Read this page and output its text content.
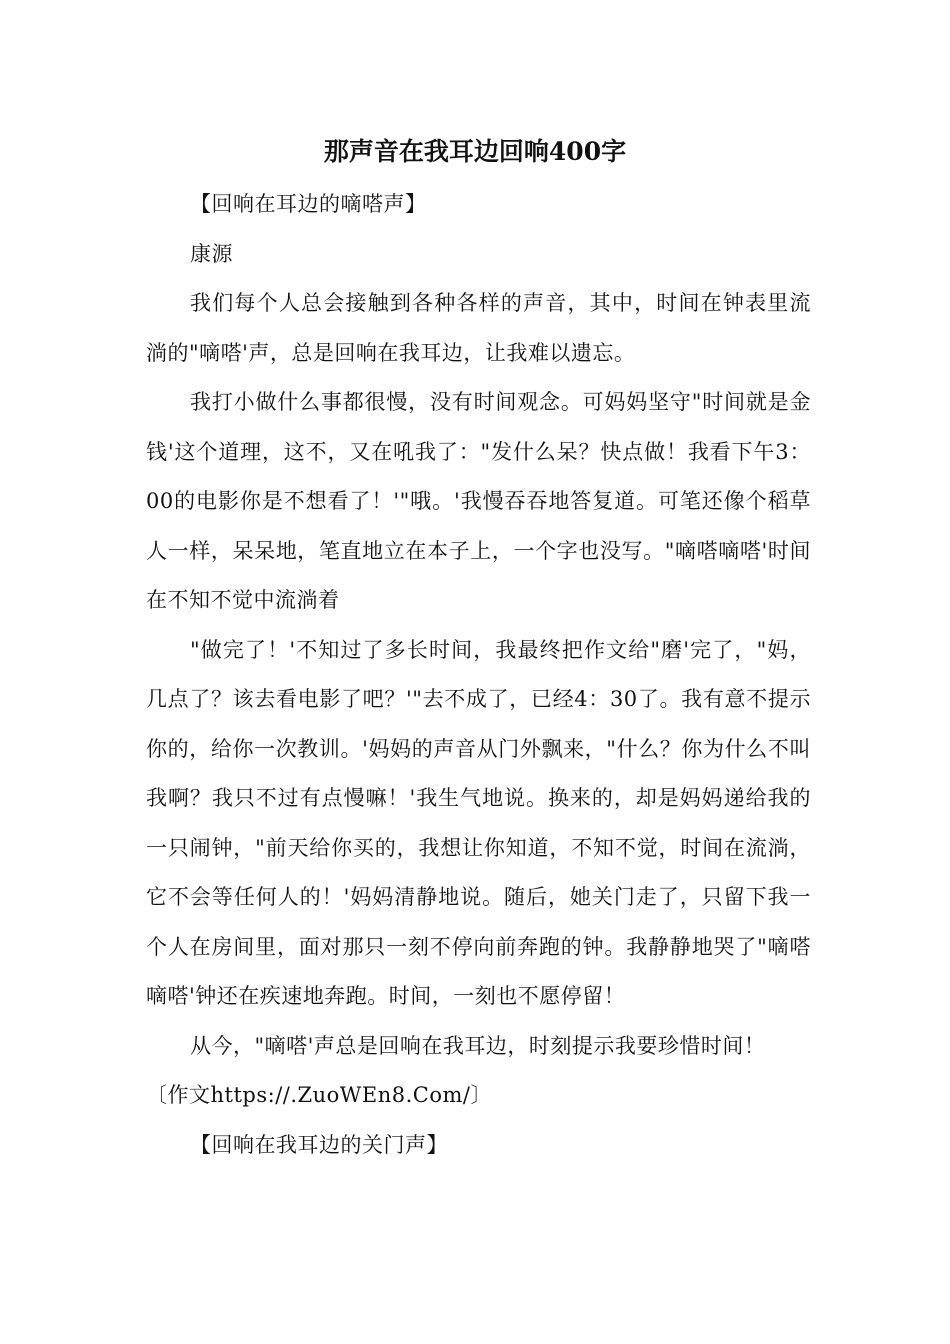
那声音在我耳边回响400字

【回响在耳边的嘀嗒声】

康源

我们每个人总会接触到各种各样的声音，其中，时间在钟表里流淌的"嘀嗒'声，总是回响在我耳边，让我难以遗忘。

我打小做什么事都很慢，没有时间观念。可妈妈坚守"时间就是金钱'这个道理，这不，又在吼我了："发什么呆？快点做！我看下午3：00的电影你是不想看了！'"哦。'我慢吞吞地答复道。可笔还像个稻草人一样，呆呆地，笔直地立在本子上，一个字也没写。"嘀嗒嘀嗒'时间在不知不觉中流淌着

"做完了！'不知过了多长时间，我最终把作文给"磨'完了，"妈，几点了？该去看电影了吧？'"去不成了，已经4：30了。我有意不提示你的，给你一次教训。'妈妈的声音从门外飘来，"什么？你为什么不叫我啊？我只不过有点慢嘛！'我生气地说。换来的，却是妈妈递给我的一只闹钟，"前天给你买的，我想让你知道，不知不觉，时间在流淌，它不会等任何人的！'妈妈清静地说。随后，她关门走了，只留下我一个人在房间里，面对那只一刻不停向前奔跑的钟。我静静地哭了"嘀嗒嘀嗒'钟还在疾速地奔跑。时间，一刻也不愿停留！

从今，"嘀嗒'声总是回响在我耳边，时刻提示我要珍惜时间！

〔作文https://.ZuoWEn8.Com/〕

【回响在我耳边的关门声】
